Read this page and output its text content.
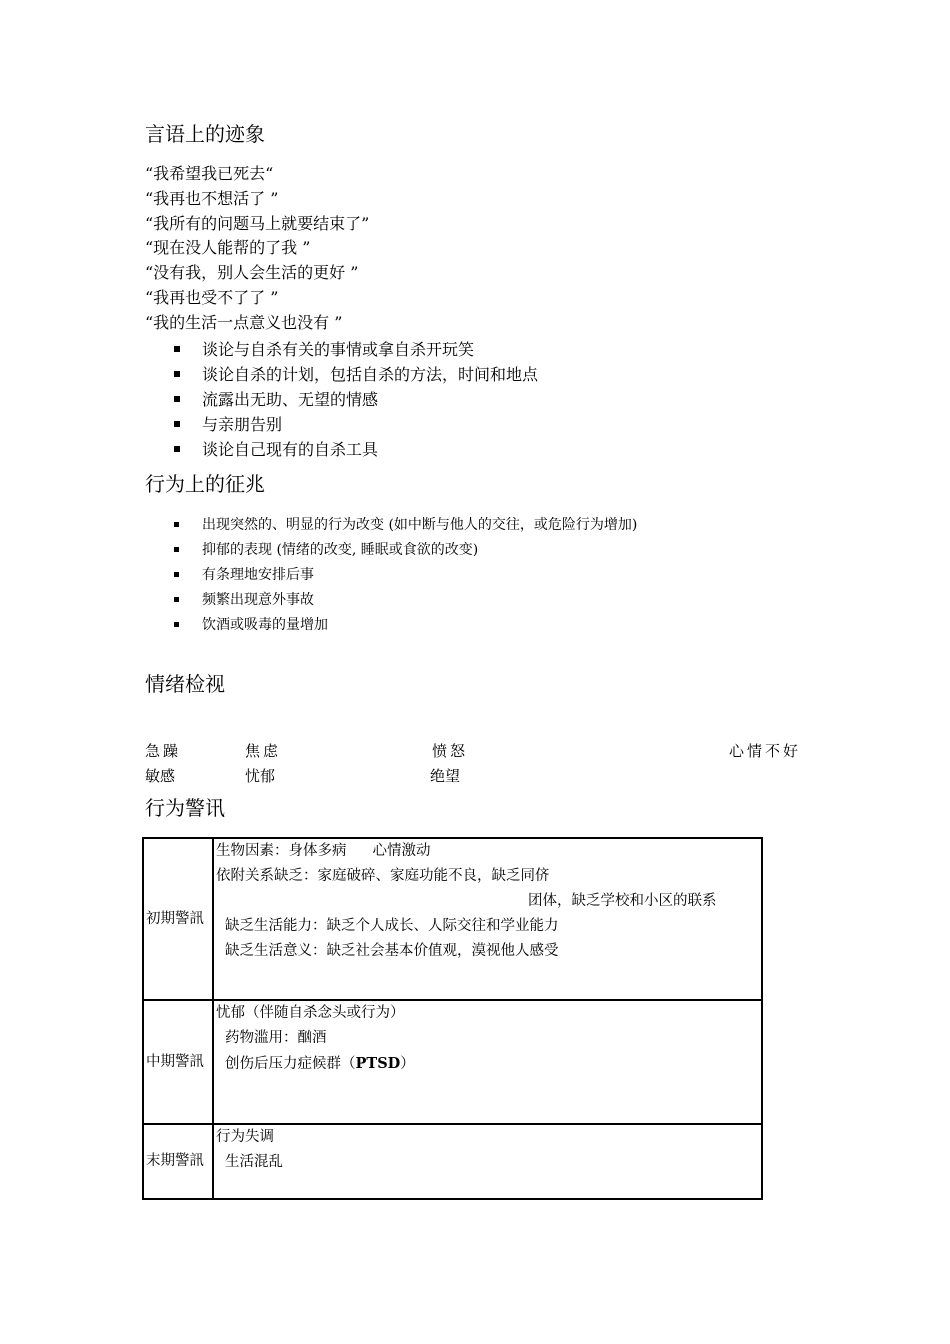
言语上的迹象
“我希望我已死去“
“我再也不想活了 ”
“我所有的问题马上就要结束了”
“现在没人能帮的了我 ”
“没有我，别人会生活的更好 ”
“我再也受不了了 ”
“我的生活一点意义也没有 ”
谈论与自杀有关的事情或拿自杀开玩笑
谈论自杀的计划，包括自杀的方法，时间和地点
流露出无助、无望的情感
与亲朋告别
谈论自己现有的自杀工具
行为上的征兆
出现突然的、明显的行为改变 (如中断与他人的交往，或危险行为增加)
抑郁的表现 (情绪的改变, 睡眠或食欲的改变)
有条理地安排后事
频繁出现意外事故
饮酒或吸毒的量增加
情绪检视
急躁	焦虑	愤怒	心情不好
敏感	忧郁	绝望
行为警讯
初期警訊	生物因素：身体多病 心情激动
依附关系缺乏：家庭破碎、家庭功能不良，缺乏同侪
团体，缺乏学校和小区的联系
缺乏生活能力：缺乏个人成长、人际交往和学业能力
缺乏生活意义：缺乏社会基本价值观，漠视他人感受

中期警訊	忧郁（伴随自杀念头或行为）
药物滥用：酗酒
创伤后压力症候群（PTSD）

末期警訊	行为失调
生活混乱
